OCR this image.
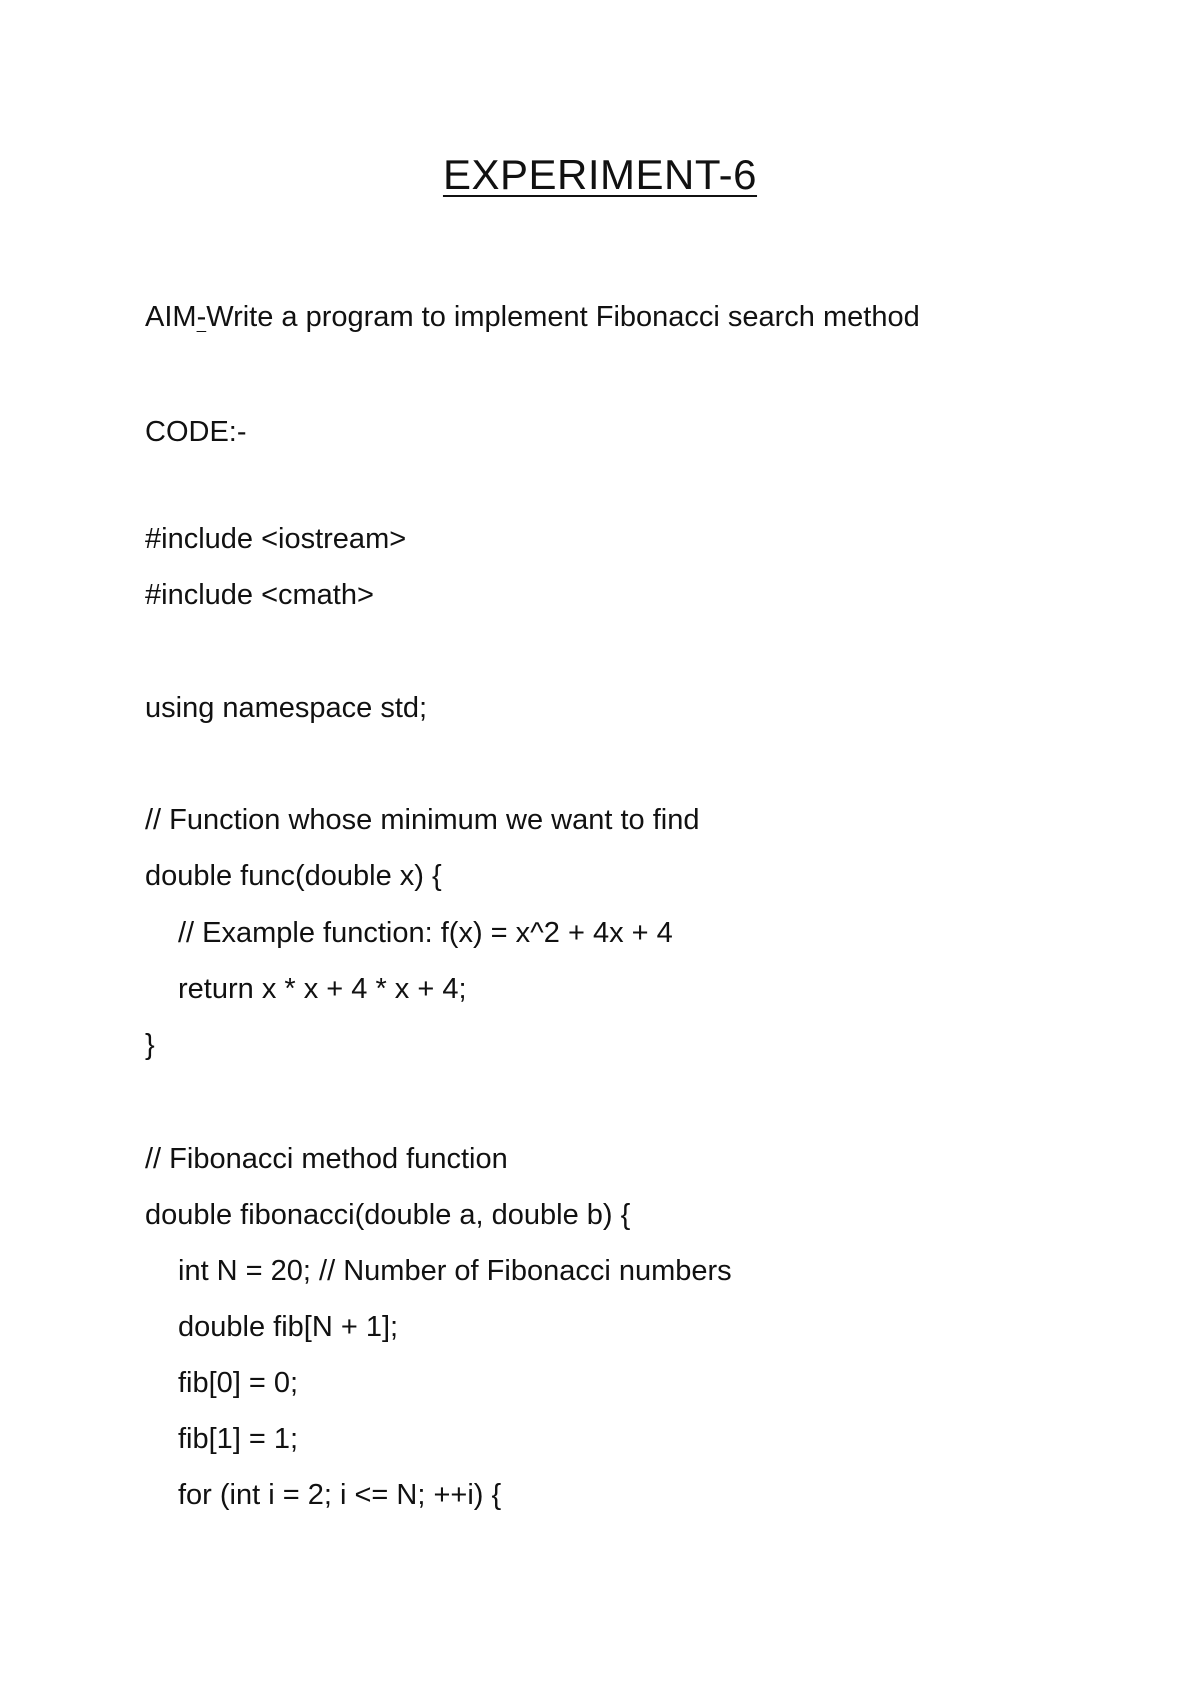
EXPERIMENT-6
AIM-Write a program to implement Fibonacci search method
CODE:-
#include <iostream>
#include <cmath>
using namespace std;
// Function whose minimum we want to find
double func(double x) {
// Example function: f(x) = x^2 + 4x + 4
return x * x + 4 * x + 4;
}
// Fibonacci method function
double fibonacci(double a, double b) {
int N = 20; // Number of Fibonacci numbers
double fib[N + 1];
fib[0] = 0;
fib[1] = 1;
for (int i = 2; i <= N; ++i) {
